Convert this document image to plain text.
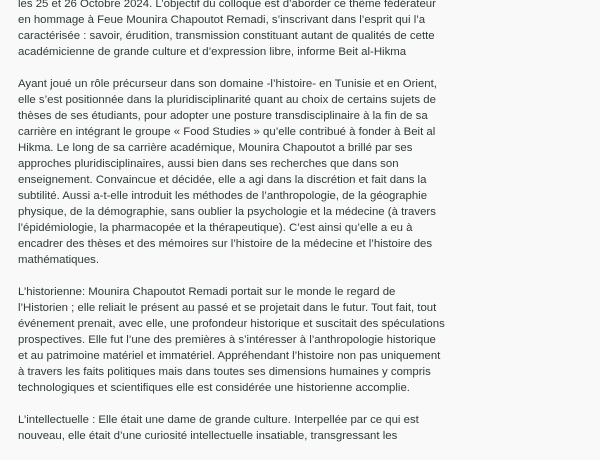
les 25 et 26 Octobre 2024. L’objectif du colloque est d’aborder ce thème fédérateur
en hommage à Feue Mounira Chapoutot Remadi, s’inscrivant dans l’esprit qui l’a
caractérisée : savoir, érudition, transmission constituant autant de qualités de cette
académicienne de grande culture et d’expression libre, informe Beit al-Hikma

Ayant joué un rôle précurseur dans son domaine -l’histoire- en Tunisie et en Orient,
elle s’est positionnée dans la pluridisciplinarité quant au choix de certains sujets de
thèses de ses étudiants, pour adopter une posture transdisciplinaire à la fin de sa
carrière en intégrant le groupe « Food Studies » qu’elle contribué à fonder à Beit al
Hikma. Le long de sa carrière académique, Mounira Chapoutot a brillé par ses
approches pluridisciplinaires, aussi bien dans ses recherches que dans son
enseignement. Convaincue et décidée, elle a agi dans la discrétion et fait dans la
subtilité. Aussi a-t-elle introduit les méthodes de l’anthropologie, de la géographie
physique, de la démographie, sans oublier la psychologie et la médecine (à travers
l’épidémiologie, la pharmacopée et la thérapeutique). C’est ainsi qu’elle a eu à
encadrer des thèses et des mémoires sur l’histoire de la médecine et l’histoire des
mathématiques.

L’historienne: Mounira Chapoutot Remadi portait sur le monde le regard de
l’Historien ; elle reliait le présent au passé et se projetait dans le futur. Tout fait, tout
événement prenait, avec elle, une profondeur historique et suscitait des spéculations
prospectives. Elle fut l’une des premières à s’intéresser à l’anthropologie historique
et au patrimoine matériel et immatériel. Appréhendant l’histoire non pas uniquement
à travers les faits politiques mais dans toutes ses dimensions humaines y compris
technologiques et scientifiques elle est considérée une historienne accomplie.

L’intellectuelle : Elle était une dame de grande culture. Interpellée par ce qui est
nouveau, elle était d’une curiosité intellectuelle insatiable, transgressant les
